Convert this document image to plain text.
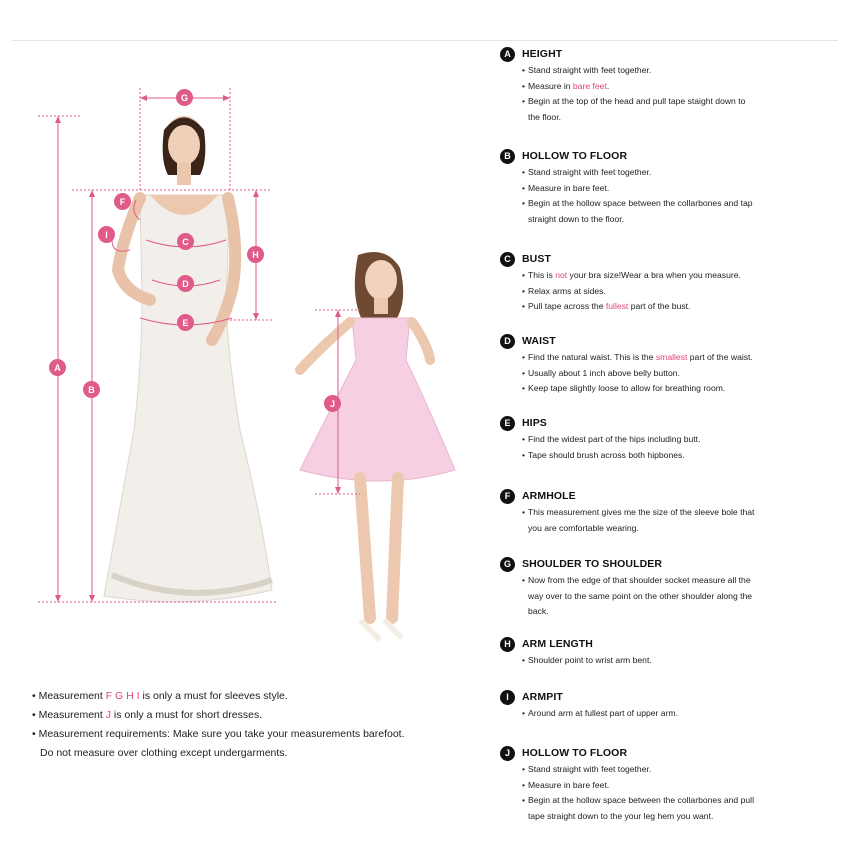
A
B
C
D
E
F
G
H
I
J
• Measurement F G H I is only a must for sleeves style.
• Measurement J is only a must for short dresses.
• Measurement requirements: Make sure you take your measurements barefoot.
Do not measure over clothing except undergarments.
A	HEIGHT
• Stand straight with feet together.
• Measure in bare feet.
• Begin at the top of the head and pull tape staight down to
the floor.
B	HOLLOW TO FLOOR
• Stand straight with feet together.
• Measure in bare feet.
• Begin at the hollow space between the collarbones and tap
straight down to the floor.
C	BUST
• This is not your bra size!Wear a bra when you measure.
• Relax arms at sides.
• Pull tape across the fullest part of the bust.
D	WAIST
• Find the natural waist. This is the smallest part of the waist.
• Usually about 1 inch above belly button.
• Keep tape slightly loose to allow for breathing room.
E	HIPS
• Find the widest part of the hips including butt.
• Tape should brush across both hipbones.
F	ARMHOLE
• This measurement gives me the size of the sleeve bole that
you are comfortable wearing.
G	SHOULDER TO SHOULDER
• Now from the edge of that shoulder socket measure all the
way over to the same point on the other shoulder along the
back.
H	ARM LENGTH
• Shoulder point to wrist arm bent.
I	ARMPIT
• Around arm at fullest part of upper arm.
J	HOLLOW TO FLOOR
• Stand straight with feet together.
• Measure in bare feet.
• Begin at the hollow space between the collarbones and pull
tape straight down to the your leg hem you want.
